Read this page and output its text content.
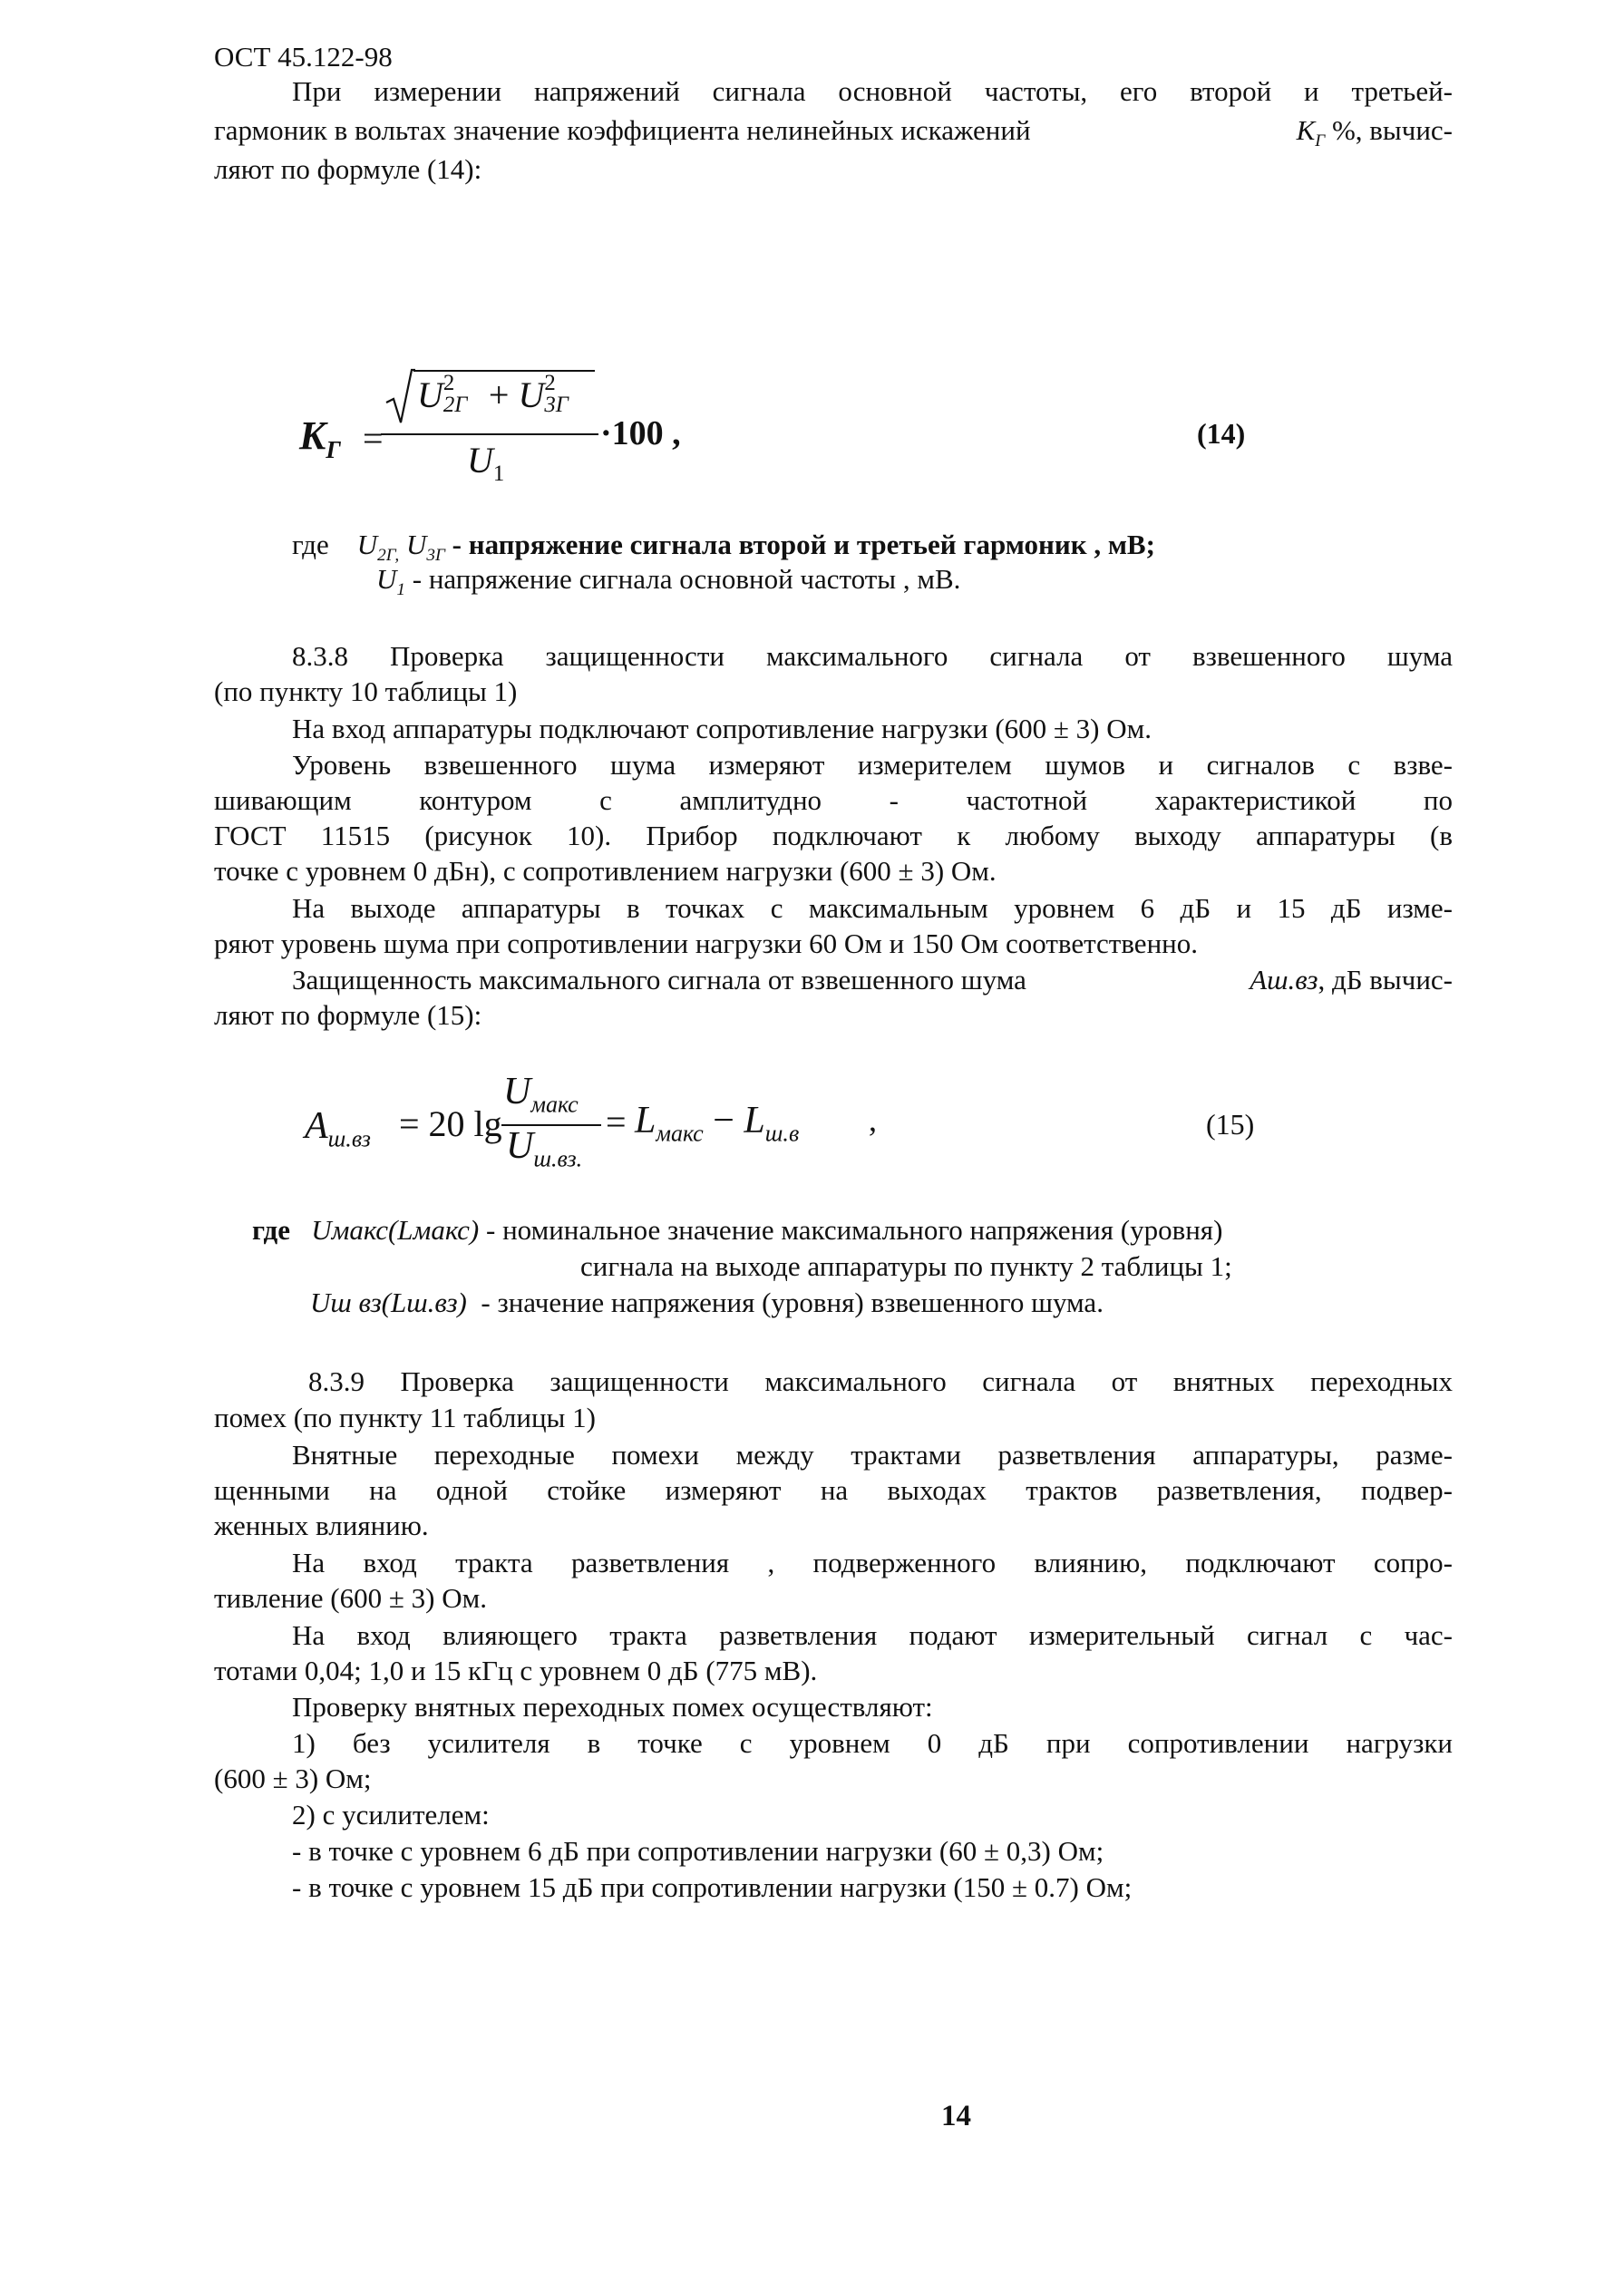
ОСТ 45.122-98
При измерении напряжений сигнала основной частоты, его второй и третьей-
гармоник в вольтах значение коэффициента нелинейных искажений	$K_Г$ %, вычис-
ляют по формуле (14):
$K_Г$ =
U 2
2Г + U 2
3Г
$U_1$
·100 ,	(14)
где $U_{2Г,}$ $U_{3Г}$ - напряжение сигнала второй и третьей гармоник , мВ;
$U_1$ - напряжение сигнала основной частоты , мВ.
8.3.8 Проверка защищенности максимального сигнала от взвешенного шума
(по пункту 10 таблицы 1)
На вход аппаратуры подключают сопротивление нагрузки (600 ± 3) Ом.
Уровень взвешенного шума измеряют измерителем шумов и сигналов с взве-
шивающим контуром с амплитудно - частотной характеристикой по
ГОСТ 11515 (рисунок 10). Прибор подключают к любому выходу аппаратуры (в
точке с уровнем 0 дБн), с сопротивлением нагрузки (600 ± 3) Ом.
На выходе аппаратуры в точках с максимальным уровнем 6 дБ и 15 дБ изме-
ряют уровень шума при сопротивлении нагрузки 60 Ом и 150 Ом соответственно.
Защищенность максимального сигнала от взвешенного шума	Аш.вз, дБ вычис-
ляют по формуле (15):
$A_{ш.вз} = 20$ lg
$U_{макс}$
$U_{ш.вз.}$
= $L_{макс} - L_{ш.в}$ ,	(15)
где Uмакс(Lмакс) - номинальное значение максимального напряжения (уровня)
сигнала на выходе аппаратуры по пункту 2 таблицы 1;
Uш вз(Lш.вз) - значение напряжения (уровня) взвешенного шума.
8.3.9 Проверка защищенности максимального сигнала от внятных переходных
помех (по пункту 11 таблицы 1)
Внятные переходные помехи между трактами разветвления аппаратуры, разме-
щенными на одной стойке измеряют на выходах трактов разветвления, подвер-
женных влиянию.
На вход тракта разветвления , подверженного влиянию, подключают сопро-
тивление (600 ± 3) Ом.
На вход влияющего тракта разветвления подают измерительный сигнал с час-
тотами 0,04; 1,0 и 15 кГц с уровнем 0 дБ (775 мВ).
Проверку внятных переходных помех осуществляют:
1) без усилителя в точке с уровнем 0 дБ при сопротивлении нагрузки
(600 ± 3) Ом;
2) с усилителем:
- в точке с уровнем 6 дБ при сопротивлении нагрузки (60 ± 0,3) Ом;
- в точке с уровнем 15 дБ при сопротивлении нагрузки (150 ± 0.7) Ом;
14
